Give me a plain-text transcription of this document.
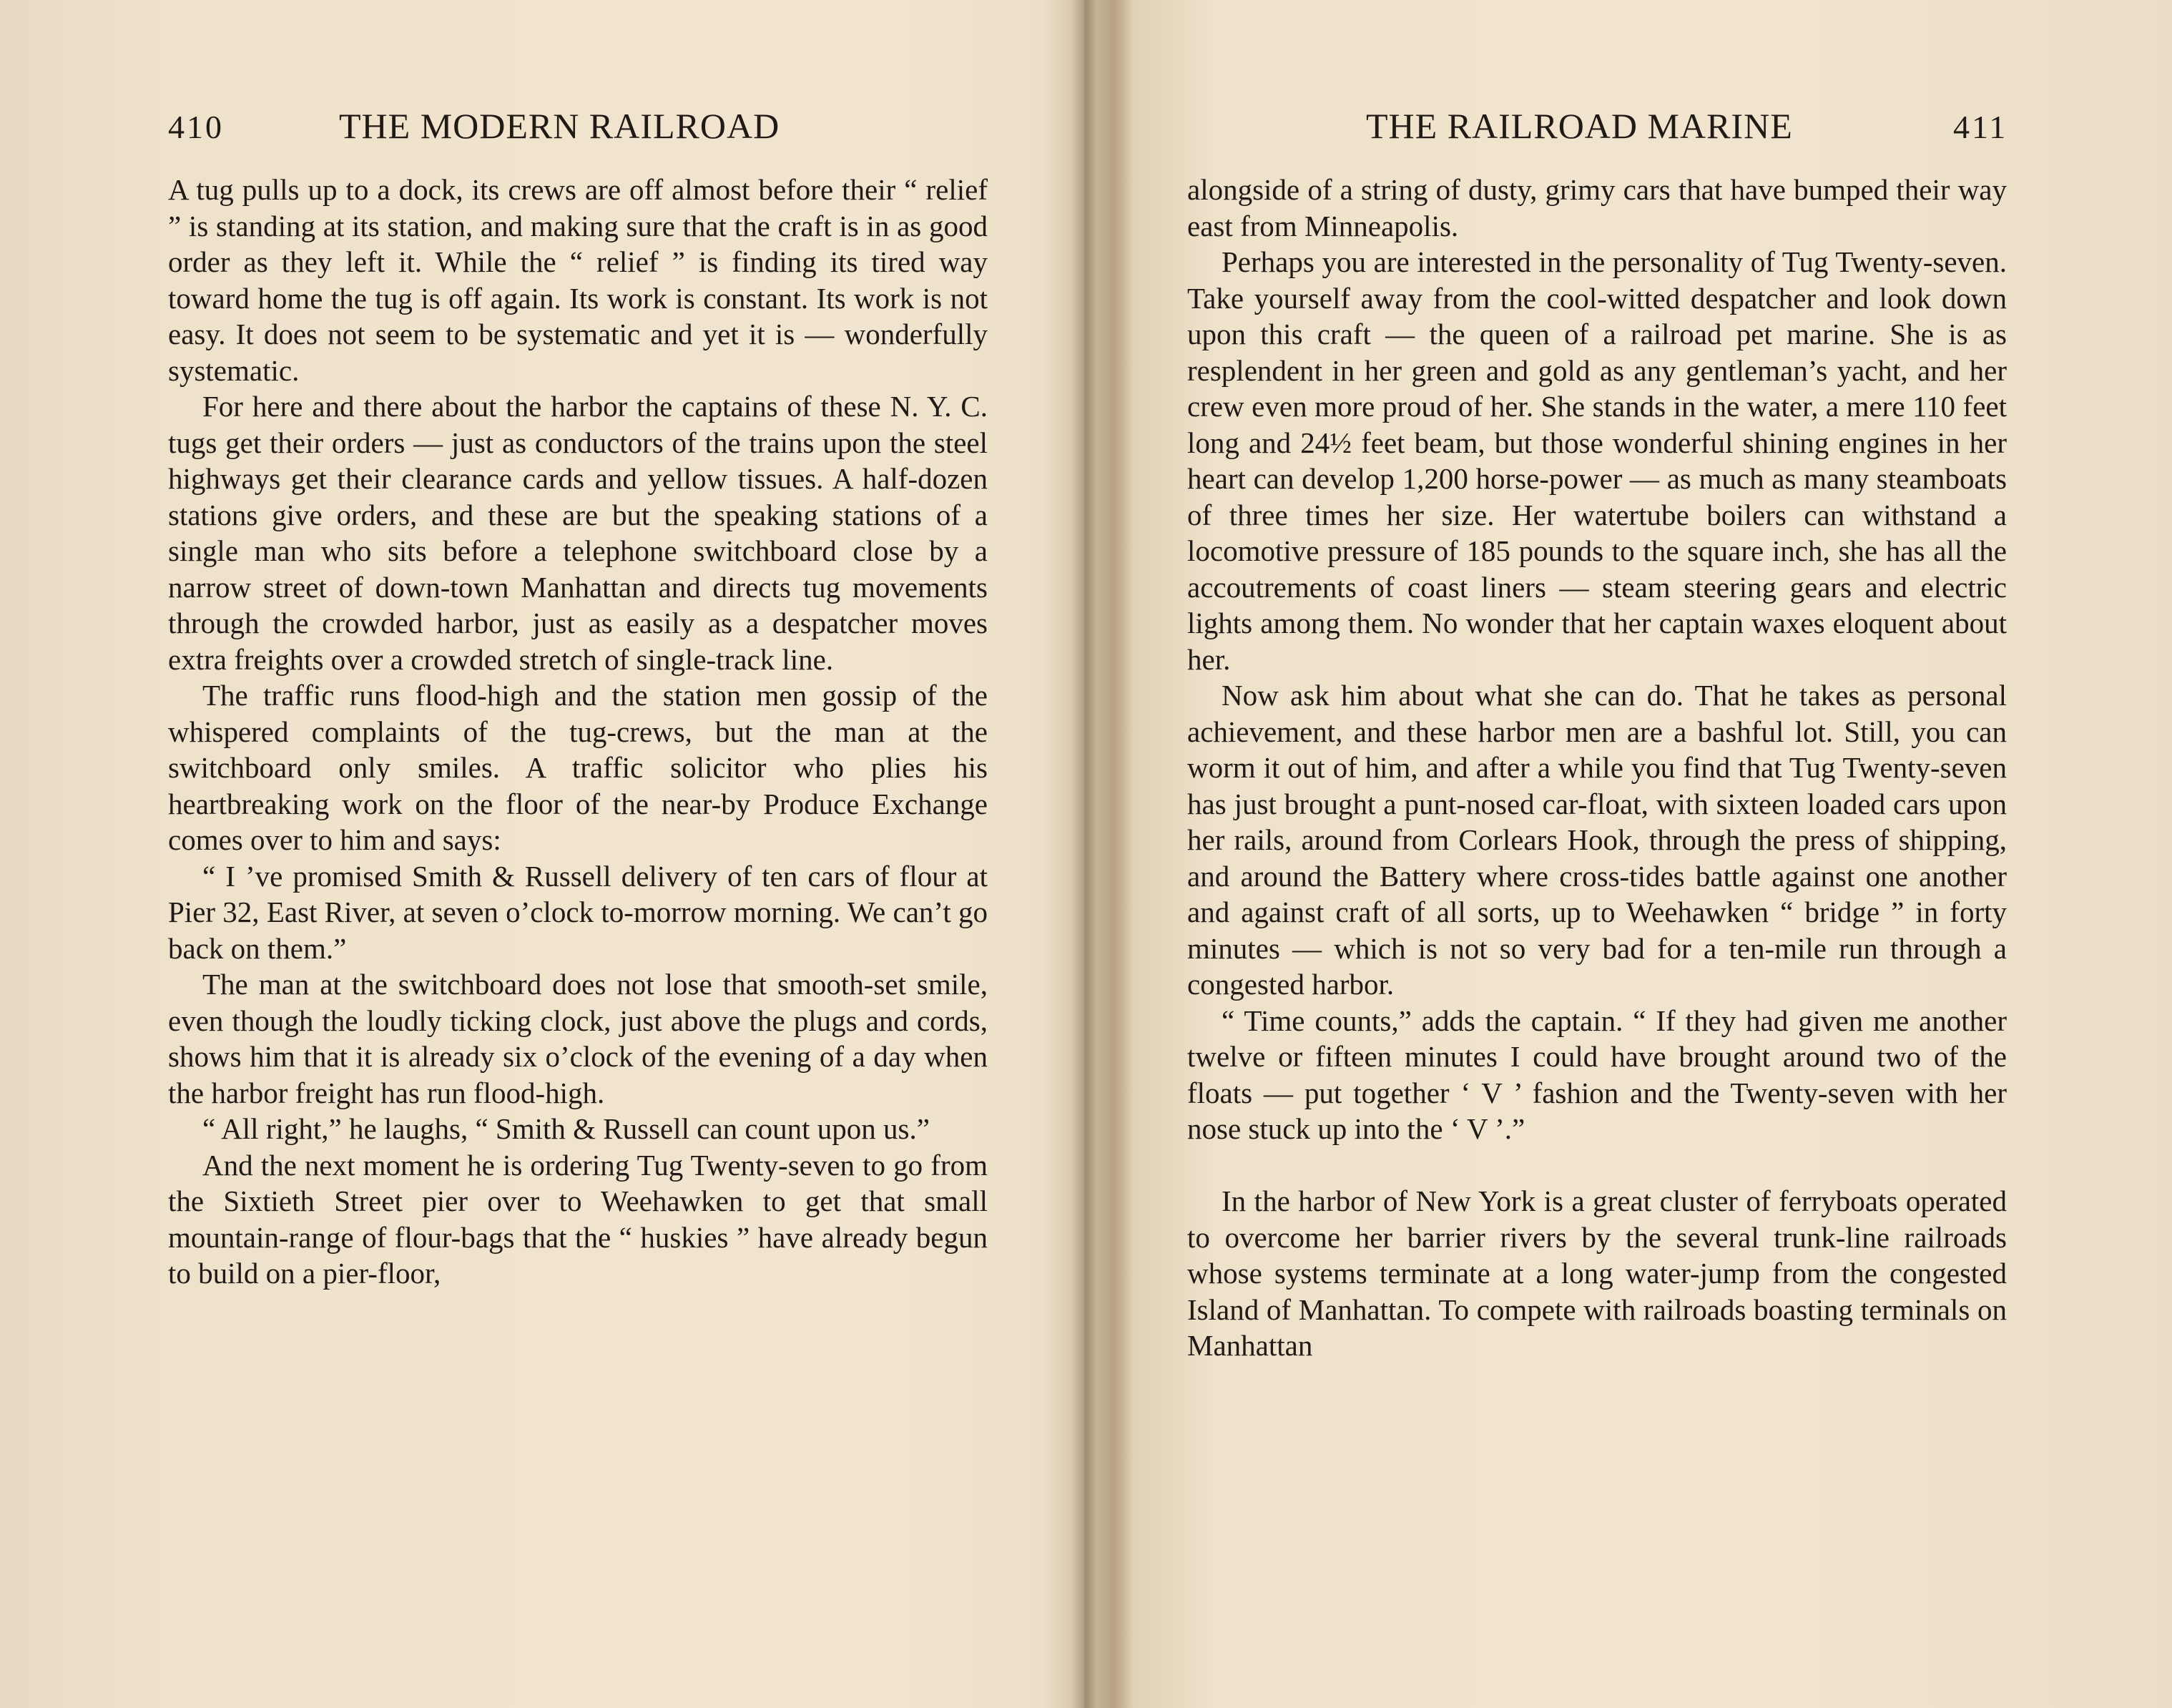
410	THE MODERN RAILROAD

A tug pulls up to a dock, its crews are off almost before their “ relief ” is standing at its station, and making sure that the craft is in as good order as they left it. While the “ relief ” is finding its tired way toward home the tug is off again. Its work is constant. Its work is not easy. It does not seem to be systematic and yet it is — wonderfully systematic.

For here and there about the harbor the captains of these N. Y. C. tugs get their orders — just as conductors of the trains upon the steel highways get their clearance cards and yellow tissues. A half-dozen stations give orders, and these are but the speaking stations of a single man who sits before a telephone switchboard close by a narrow street of down-town Manhattan and directs tug movements through the crowded harbor, just as easily as a despatcher moves extra freights over a crowded stretch of single-track line.

The traffic runs flood-high and the station men gossip of the whispered complaints of the tug-crews, but the man at the switchboard only smiles. A traffic solicitor who plies his heartbreaking work on the floor of the near-by Produce Exchange comes over to him and says:

“ I ’ve promised Smith & Russell delivery of ten cars of flour at Pier 32, East River, at seven o’clock to-morrow morning. We can’t go back on them.”

The man at the switchboard does not lose that smooth-set smile, even though the loudly ticking clock, just above the plugs and cords, shows him that it is already six o’clock of the evening of a day when the harbor freight has run flood-high.

“ All right,” he laughs, “ Smith & Russell can count upon us.”

And the next moment he is ordering Tug Twenty-seven to go from the Sixtieth Street pier over to Weehawken to get that small mountain-range of flour-bags that the “ huskies ” have already begun to build on a pier-floor,

THE RAILROAD MARINE	411

alongside of a string of dusty, grimy cars that have bumped their way east from Minneapolis.

Perhaps you are interested in the personality of Tug Twenty-seven. Take yourself away from the cool-witted despatcher and look down upon this craft — the queen of a railroad pet marine. She is as resplendent in her green and gold as any gentleman’s yacht, and her crew even more proud of her. She stands in the water, a mere 110 feet long and 24½ feet beam, but those wonderful shining engines in her heart can develop 1,200 horse-power — as much as many steamboats of three times her size. Her watertube boilers can withstand a locomotive pressure of 185 pounds to the square inch, she has all the accoutrements of coast liners — steam steering gears and electric lights among them. No wonder that her captain waxes eloquent about her.

Now ask him about what she can do. That he takes as personal achievement, and these harbor men are a bashful lot. Still, you can worm it out of him, and after a while you find that Tug Twenty-seven has just brought a punt-nosed car-float, with sixteen loaded cars upon her rails, around from Corlears Hook, through the press of shipping, and around the Battery where cross-tides battle against one another and against craft of all sorts, up to Weehawken “ bridge ” in forty minutes — which is not so very bad for a ten-mile run through a congested harbor.

“ Time counts,” adds the captain. “ If they had given me another twelve or fifteen minutes I could have brought around two of the floats — put together ‘ V ’ fashion and the Twenty-seven with her nose stuck up into the ‘ V ’.”

In the harbor of New York is a great cluster of ferryboats operated to overcome her barrier rivers by the several trunk-line railroads whose systems terminate at a long water-jump from the congested Island of Manhattan. To compete with railroads boasting terminals on Manhattan
